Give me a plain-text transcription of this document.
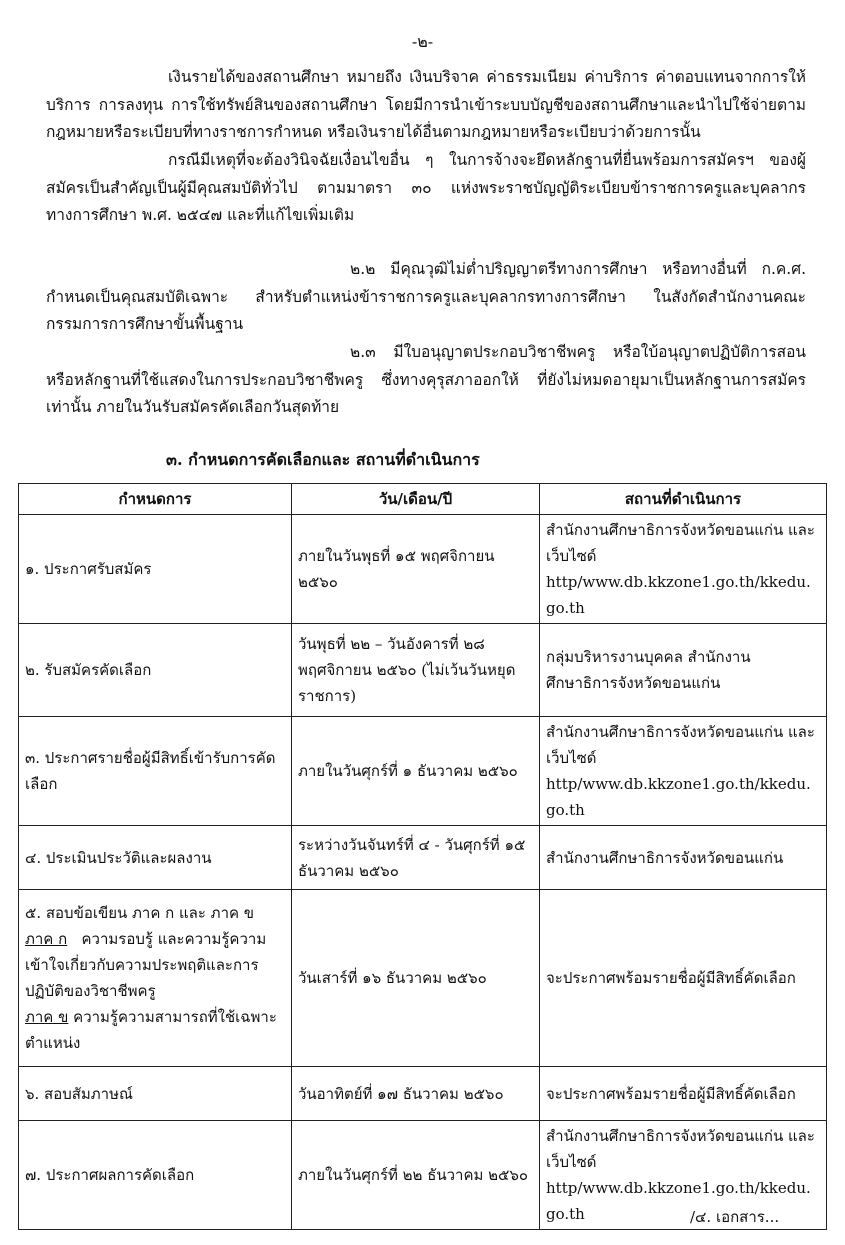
-๒-

เงินรายได้ของสถานศึกษา หมายถึง เงินบริจาค ค่าธรรมเนียม ค่าบริการ ค่าตอบแทนจากการให้บริการ การลงทุน การใช้ทรัพย์สินของสถานศึกษา โดยมีการนำเข้าระบบบัญชีของสถานศึกษาและนำไปใช้จ่ายตามกฎหมายหรือระเบียบที่ทางราชการกำหนด หรือเงินรายได้อื่นตามกฎหมายหรือระเบียบว่าด้วยการนั้น

กรณีมีเหตุที่จะต้องวินิจฉัยเงื่อนไขอื่น ๆ ในการจ้างจะยึดหลักฐานที่ยื่นพร้อมการสมัครฯ ของผู้สมัครเป็นสำคัญเป็นผู้มีคุณสมบัติทั่วไป ตามมาตรา ๓๐ แห่งพระราชบัญญัติระเบียบข้าราชการครูและบุคลากรทางการศึกษา พ.ศ. ๒๕๔๗ และที่แก้ไขเพิ่มเติม

๒.๒ มีคุณวุฒิไม่ต่ำปริญญาตรีทางการศึกษา หรือทางอื่นที่ ก.ค.ศ. กำหนดเป็นคุณสมบัติเฉพาะ สำหรับตำแหน่งข้าราชการครูและบุคลากรทางการศึกษา ในสังกัดสำนักงานคณะกรรมการการศึกษาขั้นพื้นฐาน

๒.๓ มีใบอนุญาตประกอบวิชาชีพครู หรือใบ้อนุญาตปฏิบัติการสอน หรือหลักฐานที่ใช้แสดงในการประกอบวิชาชีพครู ซึ่งทางคุรุสภาออกให้ ที่ยังไม่หมดอายุมาเป็นหลักฐานการสมัครเท่านั้น ภายในวันรับสมัครคัดเลือกวันสุดท้าย

๓. กำหนดการคัดเลือกและ สถานที่ดำเนินการ
กำหนดการ	วัน/เดือน/ปี	สถานที่ดำเนินการ
๑. ประกาศรับสมัคร	ภายในวันพุธที่ ๑๕ พฤศจิกายน ๒๕๖๐	สำนักงานศึกษาธิการจังหวัดขอนแก่น และเว็บไซด์ http/www.db.kkzone1.go.th/kkedu.go.th
๒. รับสมัครคัดเลือก	วันพุธที่ ๒๒ – วันอังคารที่ ๒๘ พฤศจิกายน ๒๕๖๐ (ไม่เว้นวันหยุดราชการ)	กลุ่มบริหารงานบุคคล สำนักงานศึกษาธิการจังหวัดขอนแก่น
๓. ประกาศรายชื่อผู้มีสิทธิ์เข้ารับการคัดเลือก	ภายในวันศุกร์ที่ ๑ ธันวาคม ๒๕๖๐	สำนักงานศึกษาธิการจังหวัดขอนแก่น และเว็บไซด์ http/www.db.kkzone1.go.th/kkedu.go.th
๔. ประเมินประวัติและผลงาน	ระหว่างวันจันทร์ที่ ๔ - วันศุกร์ที่ ๑๕ ธันวาคม ๒๕๖๐	สำนักงานศึกษาธิการจังหวัดขอนแก่น

๕. สอบข้อเขียน ภาค ก และ ภาค ข
ภาค ก ความรอบรู้ และความรู้ความเข้าใจเกี่ยวกับความประพฤติและการปฏิบัติของวิชาชีพครู
ภาค ข ความรู้ความสามารถที่ใช้เฉพาะตำแหน่ง	วันเสาร์ที่ ๑๖ ธันวาคม ๒๕๖๐	จะประกาศพร้อมรายชื่อผู้มีสิทธิ์คัดเลือก
๖. สอบสัมภาษณ์	วันอาทิตย์ที่ ๑๗ ธันวาคม ๒๕๖๐	จะประกาศพร้อมรายชื่อผู้มีสิทธิ์คัดเลือก
๗. ประกาศผลการคัดเลือก	ภายในวันศุกร์ที่ ๒๒ ธันวาคม ๒๕๖๐	สำนักงานศึกษาธิการจังหวัดขอนแก่น และเว็บไซด์ http/www.db.kkzone1.go.th/kkedu.go.th	/๔. เอกสาร...
